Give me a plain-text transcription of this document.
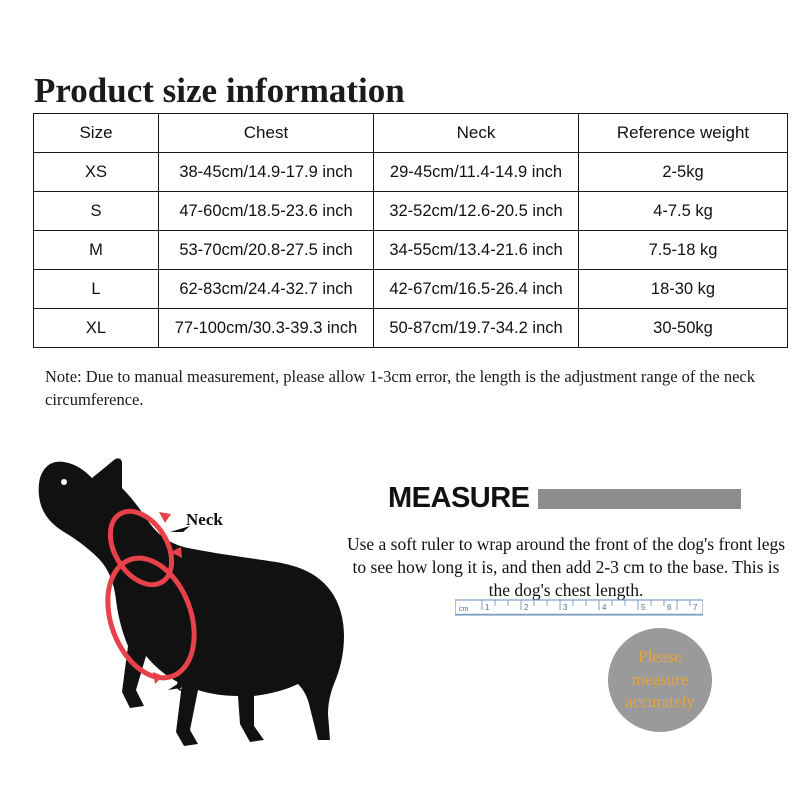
Product size information
Size	Chest	Neck	Reference weight
XS	38-45cm/14.9-17.9 inch	29-45cm/11.4-14.9 inch	2-5kg
S	47-60cm/18.5-23.6 inch	32-52cm/12.6-20.5 inch	4-7.5 kg
M	53-70cm/20.8-27.5 inch	34-55cm/13.4-21.6 inch	7.5-18 kg
L	62-83cm/24.4-32.7 inch	42-67cm/16.5-26.4 inch	18-30 kg
XL	77-100cm/30.3-39.3 inch	50-87cm/19.7-34.2 inch	30-50kg

Note: Due to manual measurement, please allow 1-3cm error, the length is the adjustment range of the neck circumference.

Neck
Chest
MEASURE

Use a soft ruler to wrap around the front of the dog's front legs to see how long it is, and then add 2-3 cm to the base. This is the dog's chest length.

cm 1	2	3	4	5	6	7
Please measure accurately
